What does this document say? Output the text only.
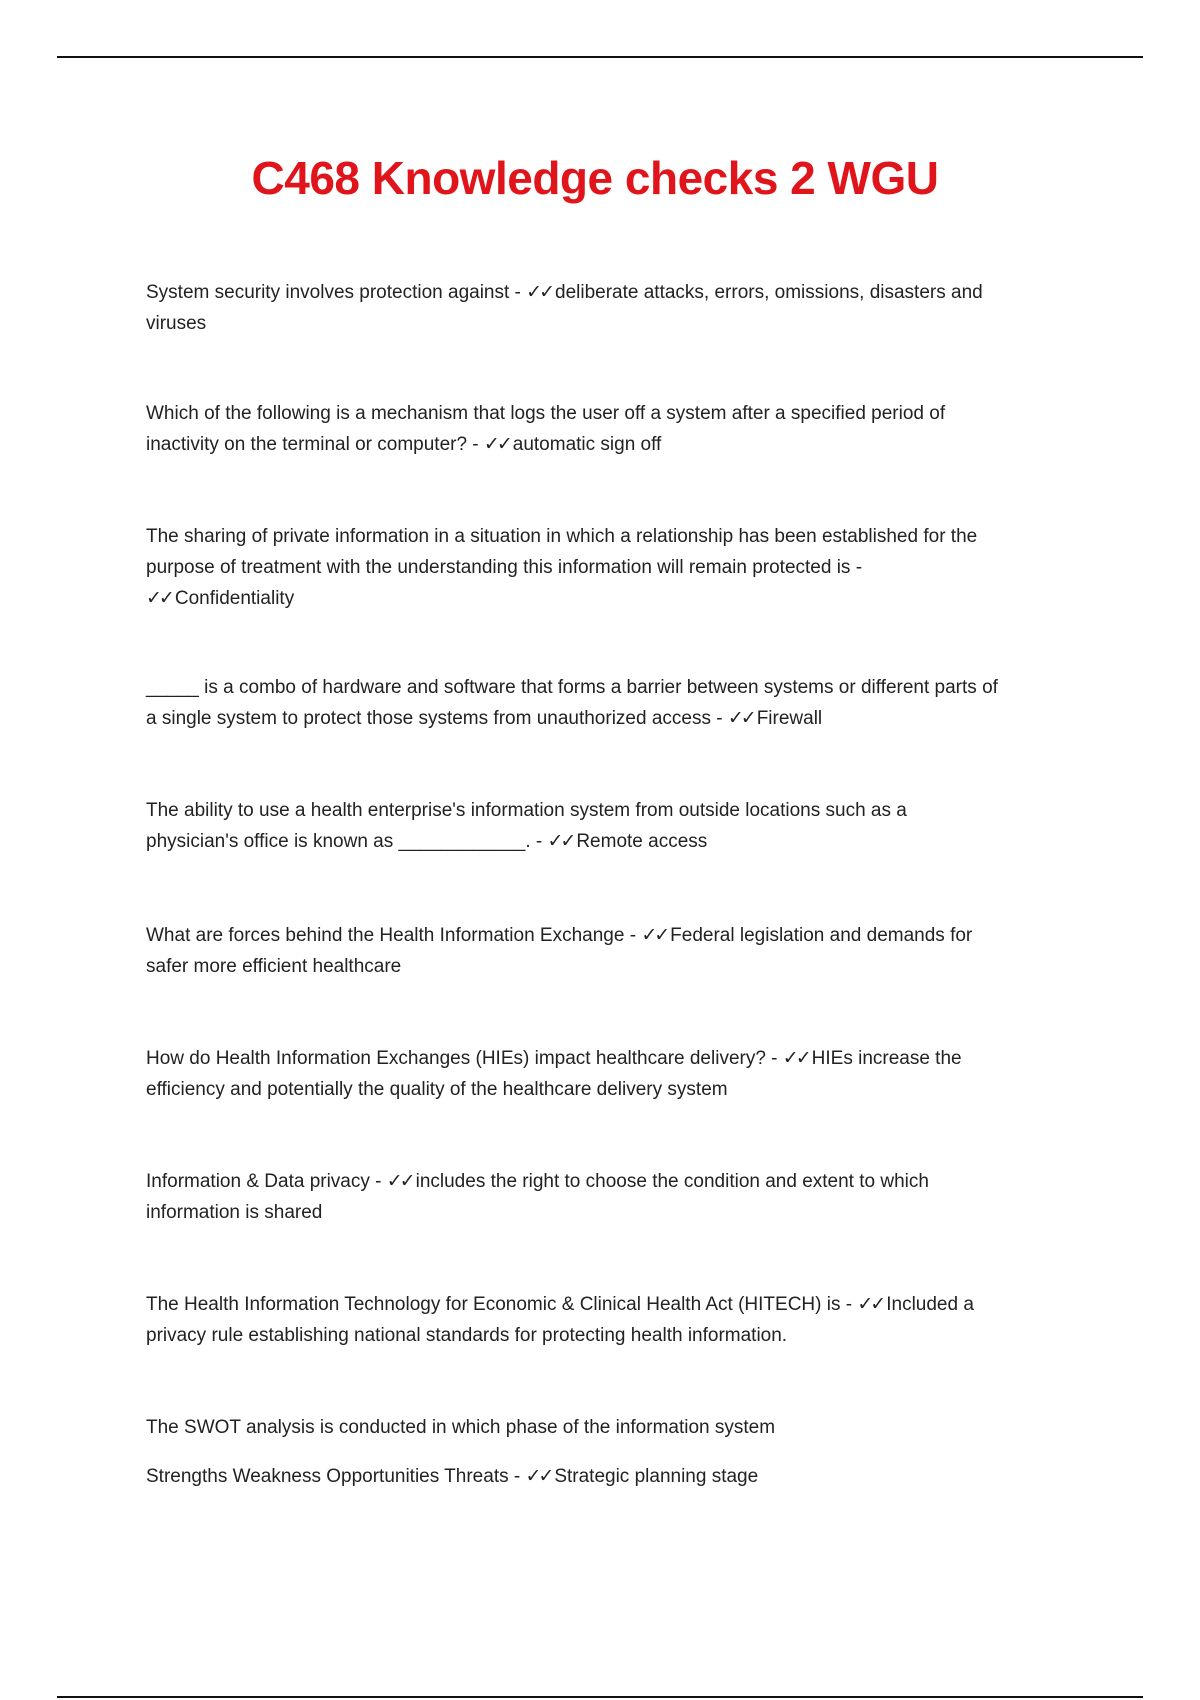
C468 Knowledge checks 2 WGU

System security involves protection against - ✓✓ deliberate attacks, errors, omissions, disasters and
viruses

Which of the following is a mechanism that logs the user off a system after a specified period of
inactivity on the terminal or computer? - ✓✓ automatic sign off

The sharing of private information in a situation in which a relationship has been established for the
purpose of treatment with the understanding this information will remain protected is -
✓✓ Confidentiality

_____ is a combo of hardware and software that forms a barrier between systems or different parts of
a single system to protect those systems from unauthorized access - ✓✓ Firewall

The ability to use a health enterprise's information system from outside locations such as a
physician's office is known as ____________. - ✓✓ Remote access

What are forces behind the Health Information Exchange - ✓✓ Federal legislation and demands for
safer more efficient healthcare

How do Health Information Exchanges (HIEs) impact healthcare delivery? - ✓✓ HIEs increase the
efficiency and potentially the quality of the healthcare delivery system

Information & Data privacy - ✓✓ includes the right to choose the condition and extent to which
information is shared

The Health Information Technology for Economic & Clinical Health Act (HITECH) is - ✓✓ Included a
privacy rule establishing national standards for protecting health information.

The SWOT analysis is conducted in which phase of the information system
Strengths Weakness Opportunities Threats - ✓✓ Strategic planning stage
